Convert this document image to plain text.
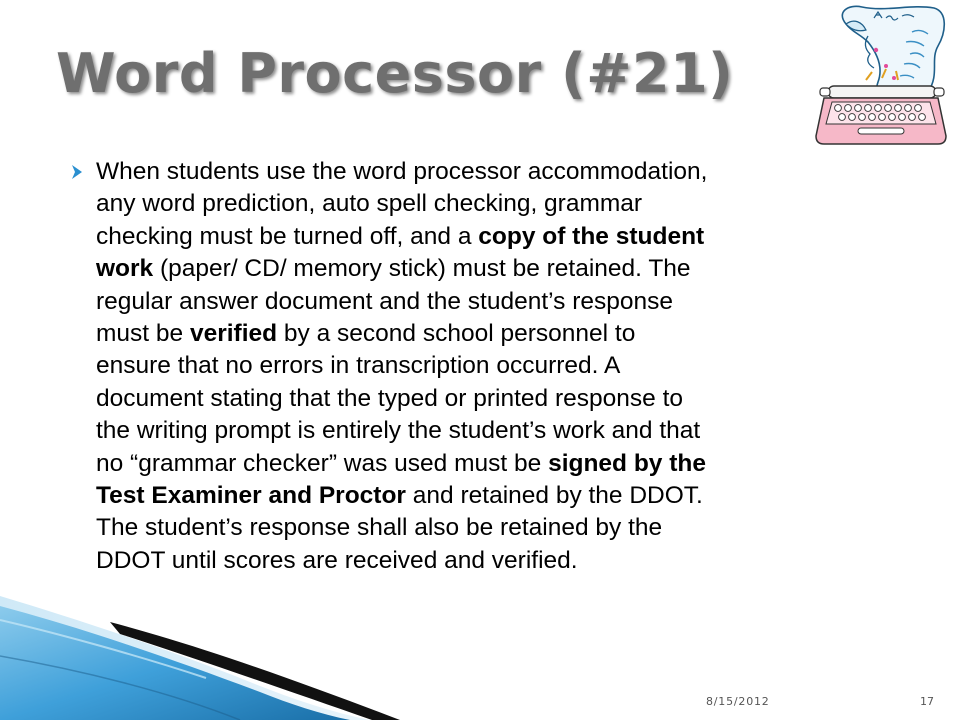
Word Processor (#21)

When students use the word processor accommodation,
any word prediction, auto spell checking, grammar
checking must be turned off, and a copy of the student
work (paper/ CD/ memory stick) must be retained. The
regular answer document and the student’s response
must be verified by a second school personnel to
ensure that no errors in transcription occurred. A
document stating that the typed or printed response to
the writing prompt is entirely the student’s work and that
no “grammar checker” was used must be signed by the
Test Examiner and Proctor and retained by the DDOT.
The student’s response shall also be retained by the
DDOT until scores are received and verified.

8/15/2012	17
